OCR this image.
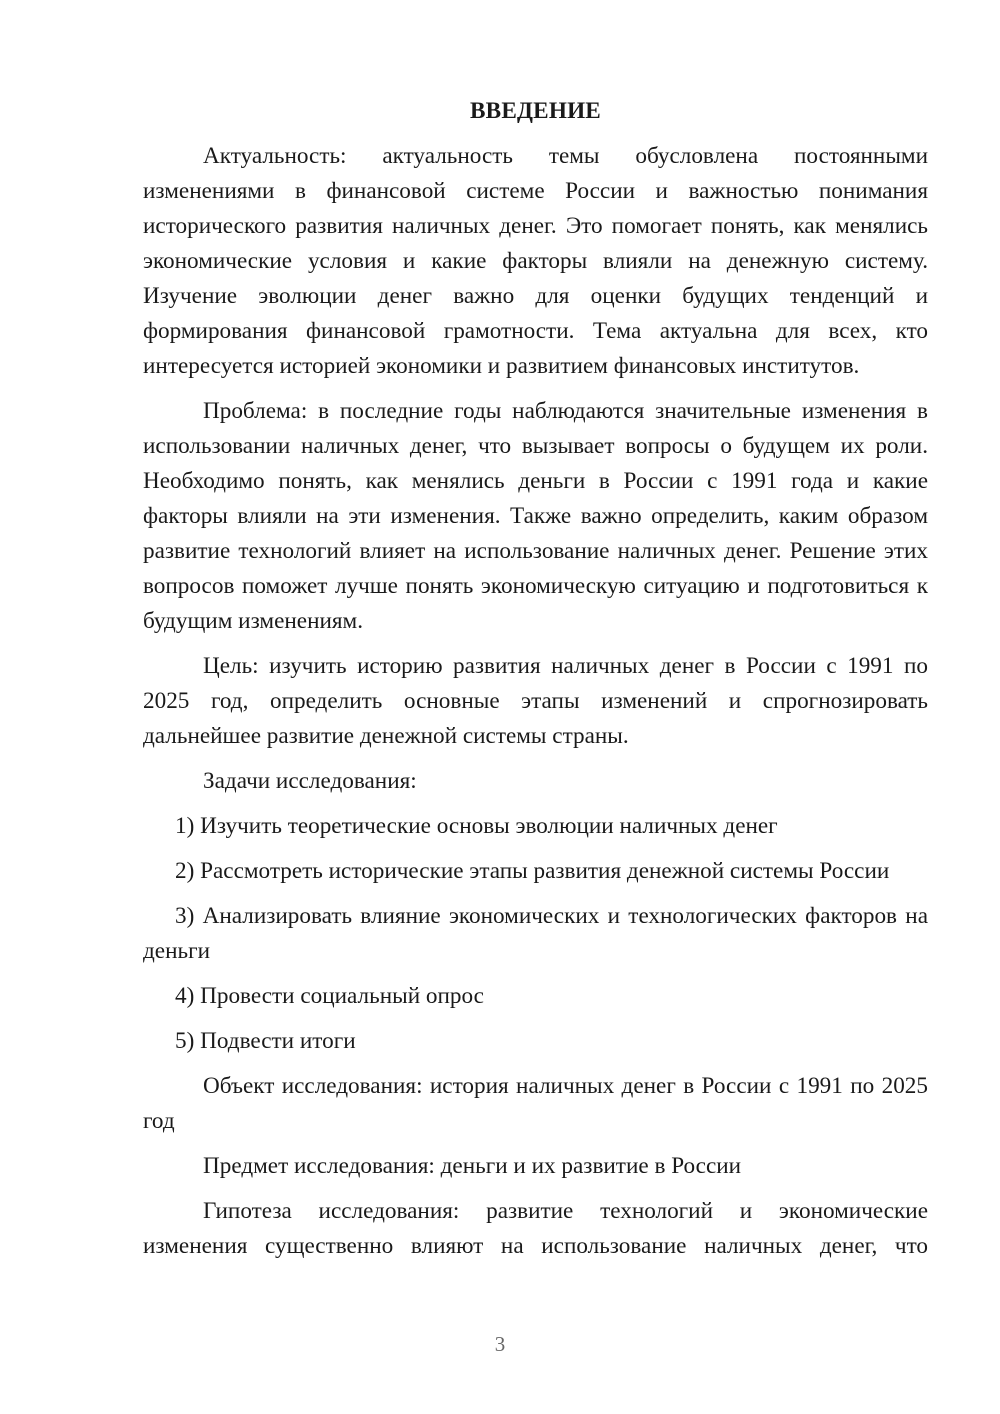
ВВЕДЕНИЕ

Актуальность: актуальность темы обусловлена постоянными изменениями в финансовой системе России и важностью понимания исторического развития наличных денег. Это помогает понять, как менялись экономические условия и какие факторы влияли на денежную систему. Изучение эволюции денег важно для оценки будущих тенденций и формирования финансовой грамотности. Тема актуальна для всех, кто интересуется историей экономики и развитием финансовых институтов.

Проблема: в последние годы наблюдаются значительные изменения в использовании наличных денег, что вызывает вопросы о будущем их роли. Необходимо понять, как менялись деньги в России с 1991 года и какие факторы влияли на эти изменения. Также важно определить, каким образом развитие технологий влияет на использование наличных денег. Решение этих вопросов поможет лучше понять экономическую ситуацию и подготовиться к будущим изменениям.

Цель: изучить историю развития наличных денег в России с 1991 по 2025 год, определить основные этапы изменений и спрогнозировать дальнейшее развитие денежной системы страны.

Задачи исследования:

1) Изучить теоретические основы эволюции наличных денег

2) Рассмотреть исторические этапы развития денежной системы России

3) Анализировать влияние экономических и технологических факторов на деньги

4) Провести социальный опрос

5) Подвести итоги

Объект исследования: история наличных денег в России с 1991 по 2025 год

Предмет исследования: деньги и их развитие в России

Гипотеза исследования: развитие технологий и экономические изменения существенно влияют на использование наличных денег, что

3
